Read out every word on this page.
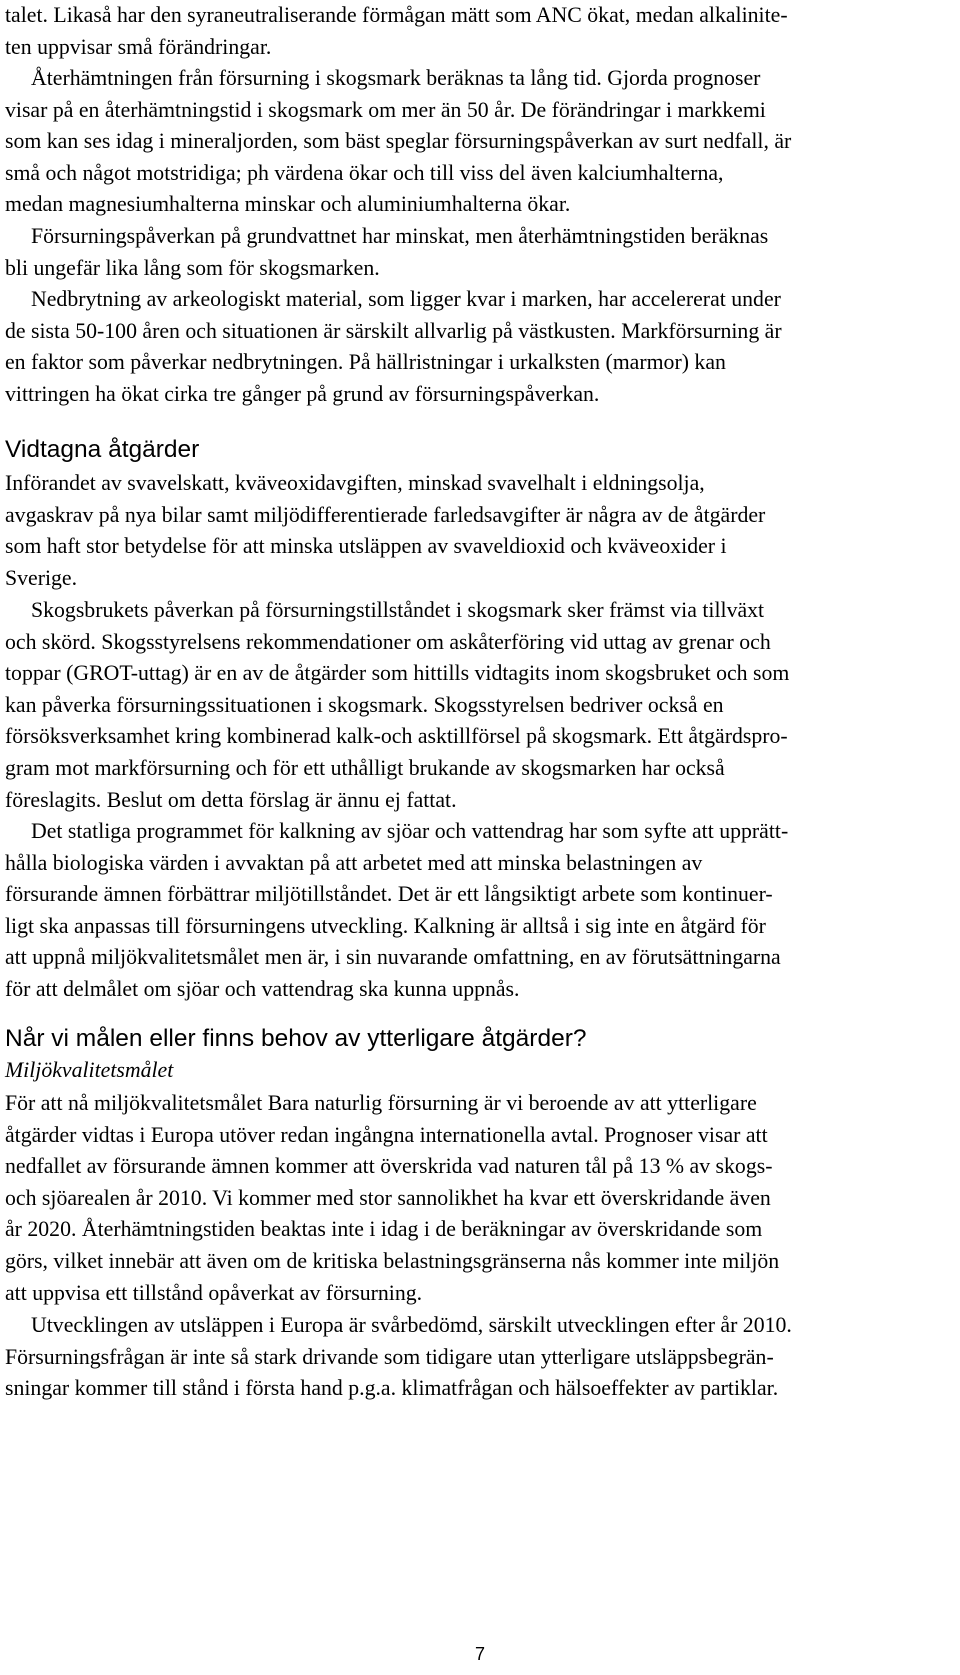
talet. Likaså har den syraneutraliserande förmågan mätt som ANC ökat, medan alkalinite-
ten uppvisar små förändringar.
Återhämtningen från försurning i skogsmark beräknas ta lång tid. Gjorda prognoser
visar på en återhämtningstid i skogsmark om mer än 50 år. De förändringar i markkemi
som kan ses idag i mineraljorden, som bäst speglar försurningspåverkan av surt nedfall, är
små och något motstridiga; ph värdena ökar och till viss del även kalciumhalterna,
medan magnesiumhalterna minskar och aluminiumhalterna ökar.
Försurningspåverkan på grundvattnet har minskat, men återhämtningstiden beräknas
bli ungefär lika lång som för skogsmarken.
Nedbrytning av arkeologiskt material, som ligger kvar i marken, har accelererat under
de sista 50-100 åren och situationen är särskilt allvarlig på västkusten. Markförsurning är
en faktor som påverkar nedbrytningen. På hällristningar i urkalksten (marmor) kan
vittringen ha ökat cirka tre gånger på grund av försurningspåverkan.
Vidtagna åtgärder
Införandet av svavelskatt, kväveoxidavgiften, minskad svavelhalt i eldningsolja,
avgaskrav på nya bilar samt miljödifferentierade farledsavgifter är några av de åtgärder
som haft stor betydelse för att minska utsläppen av svaveldioxid och kväveoxider i
Sverige.
Skogsbrukets påverkan på försurningstillståndet i skogsmark sker främst via tillväxt
och skörd. Skogsstyrelsens rekommendationer om askåterföring vid uttag av grenar och
toppar (GROT-uttag) är en av de åtgärder som hittills vidtagits inom skogsbruket och som
kan påverka försurningssituationen i skogsmark. Skogsstyrelsen bedriver också en
försöksverksamhet kring kombinerad kalk-och asktillförsel på skogsmark. Ett åtgärdspro-
gram mot markförsurning och för ett uthålligt brukande av skogsmarken har också
föreslagits. Beslut om detta förslag är ännu ej fattat.
Det statliga programmet för kalkning av sjöar och vattendrag har som syfte att upprätt-
hålla biologiska värden i avvaktan på att arbetet med att minska belastningen av
försurande ämnen förbättrar miljötillståndet. Det är ett långsiktigt arbete som kontinuer-
ligt ska anpassas till försurningens utveckling. Kalkning är alltså i sig inte en åtgärd för
att uppnå miljökvalitetsmålet men är, i sin nuvarande omfattning, en av förutsättningarna
för att delmålet om sjöar och vattendrag ska kunna uppnås.
Når vi målen eller finns behov av ytterligare åtgärder?
Miljökvalitetsmålet
För att nå miljökvalitetsmålet Bara naturlig försurning är vi beroende av att ytterligare
åtgärder vidtas i Europa utöver redan ingångna internationella avtal. Prognoser visar att
nedfallet av försurande ämnen kommer att överskrida vad naturen tål på 13 % av skogs-
och sjöarealen år 2010. Vi kommer med stor sannolikhet ha kvar ett överskridande även
år 2020. Återhämtningstiden beaktas inte i idag i de beräkningar av överskridande som
görs, vilket innebär att även om de kritiska belastningsgränserna nås kommer inte miljön
att uppvisa ett tillstånd opåverkat av försurning.
Utvecklingen av utsläppen i Europa är svårbedömd, särskilt utvecklingen efter år 2010.
Försurningsfrågan är inte så stark drivande som tidigare utan ytterligare utsläppsbegrän-
sningar kommer till stånd i första hand p.g.a. klimatfrågan och hälsoeffekter av partiklar.
7
